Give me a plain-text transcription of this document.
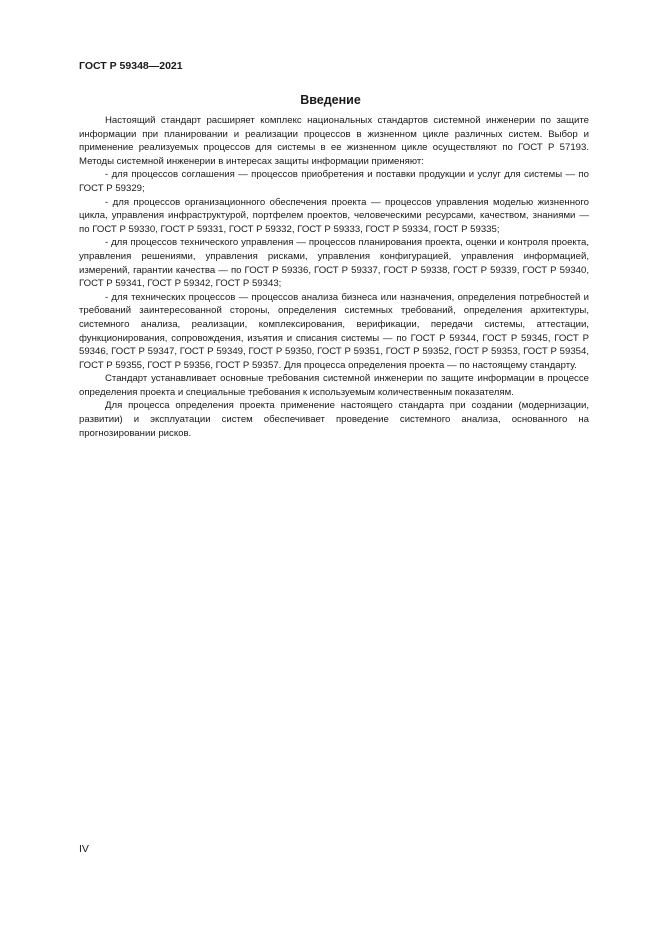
ГОСТ Р 59348—2021
Введение

Настоящий стандарт расширяет комплекс национальных стандартов системной инженерии по защите информации при планировании и реализации процессов в жизненном цикле различных систем. Выбор и применение реализуемых процессов для системы в ее жизненном цикле осуществляют по ГОСТ Р 57193. Методы системной инженерии в интересах защиты информации применяют:

- для процессов соглашения — процессов приобретения и поставки продукции и услуг для системы — по ГОСТ Р 59329;

- для процессов организационного обеспечения проекта — процессов управления моделью жизненного цикла, управления инфраструктурой, портфелем проектов, человеческими ресурсами, качеством, знаниями — по ГОСТ Р 59330, ГОСТ Р 59331, ГОСТ Р 59332, ГОСТ Р 59333, ГОСТ Р 59334, ГОСТ Р 59335;

- для процессов технического управления — процессов планирования проекта, оценки и контроля проекта, управления решениями, управления рисками, управления конфигурацией, управления информацией, измерений, гарантии качества — по ГОСТ Р 59336, ГОСТ Р 59337, ГОСТ Р 59338, ГОСТ Р 59339, ГОСТ Р 59340, ГОСТ Р 59341, ГОСТ Р 59342, ГОСТ Р 59343;

- для технических процессов — процессов анализа бизнеса или назначения, определения потребностей и требований заинтересованной стороны, определения системных требований, определения архитектуры, системного анализа, реализации, комплексирования, верификации, передачи системы, аттестации, функционирования, сопровождения, изъятия и списания системы — по ГОСТ Р 59344, ГОСТ Р 59345, ГОСТ Р 59346, ГОСТ Р 59347, ГОСТ Р 59349, ГОСТ Р 59350, ГОСТ Р 59351, ГОСТ Р 59352, ГОСТ Р 59353, ГОСТ Р 59354, ГОСТ Р 59355, ГОСТ Р 59356, ГОСТ Р 59357. Для процесса определения проекта — по настоящему стандарту.

Стандарт устанавливает основные требования системной инженерии по защите информации в процессе определения проекта и специальные требования к используемым количественным показателям.

Для процесса определения проекта применение настоящего стандарта при создании (модернизации, развитии) и эксплуатации систем обеспечивает проведение системного анализа, основанного на прогнозировании рисков.

IV
